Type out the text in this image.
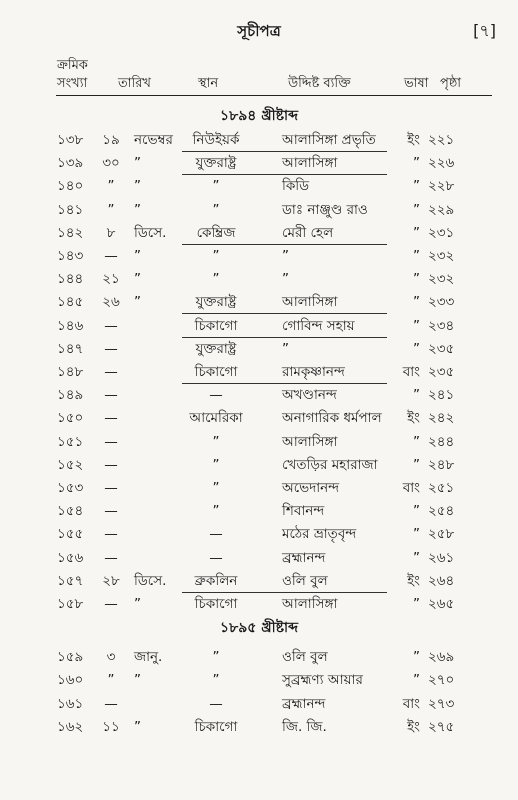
সূচীপত্র	[৭]
ক্রমিক
সংখ্যা তারিখ	স্থান	উদ্দিষ্ট ব্যক্তি	ভাষা পৃষ্ঠা
১৮৯৪ খ্রীষ্টাব্দ
১৩৮ ১৯ নভেম্বর	নিউইয়র্ক	আলাসিঙ্গা প্রভৃতি	ইং ২২১
১৩৯ ৩০ ”	যুক্তরাষ্ট্র	আলাসিঙ্গা	” ২২৬
১৪০	”	”	”	কিডি	” ২২৮
১৪১	”	”	”	ডাঃ নাঞ্জুণ্ড রাও	” ২২৯
১৪২	৮	ডিসে.	কেম্ব্রিজ	মেরী হেল	” ২৩১
১৪৩ — ”	”	”	” ২৩২
১৪৪ ২১ ”	”	”	” ২৩২
১৪৫ ২৬ ”	যুক্তরাষ্ট্র	আলাসিঙ্গা	” ২৩৩
১৪৬ —	চিকাগো	গোবিন্দ সহায়	” ২৩৪
১৪৭ —	যুক্তরাষ্ট্র	”	” ২৩৫
১৪৮ —	চিকাগো	রামকৃষ্ণানন্দ	বাং ২৩৫
১৪৯ —	—	অখণ্ডানন্দ	” ২৪১
১৫০ —	আমেরিকা	অনাগারিক ধর্মপাল	ইং ২৪২
১৫১ —	”	আলাসিঙ্গা	” ২৪৪
১৫২ —	”	খেতড়ির মহারাজা	” ২৪৮
১৫৩ —	”	অভেদানন্দ	বাং ২৫১
১৫৪ —	”	শিবানন্দ	” ২৫৪
১৫৫ —	—	মঠের ভ্রাতৃবৃন্দ	” ২৫৮
১৫৬ —	—	ব্রহ্মানন্দ	” ২৬১
১৫৭ ২৮ ডিসে.	ব্রুকলিন	ওলি বুল	ইং ২৬৪
১৫৮ — ”	চিকাগো	আলাসিঙ্গা	” ২৬৫
১৮৯৫ খ্রীষ্টাব্দ
১৫৯	৩	জানু.	”	ওলি বুল	” ২৬৯
১৬০	”	”	”	সুব্রহ্মণ্য আয়ার	” ২৭০
১৬১ —	—	ব্রহ্মানন্দ	বাং ২৭৩
১৬২ ১১ ”	চিকাগো	জি. জি.	ইং ২৭৫
